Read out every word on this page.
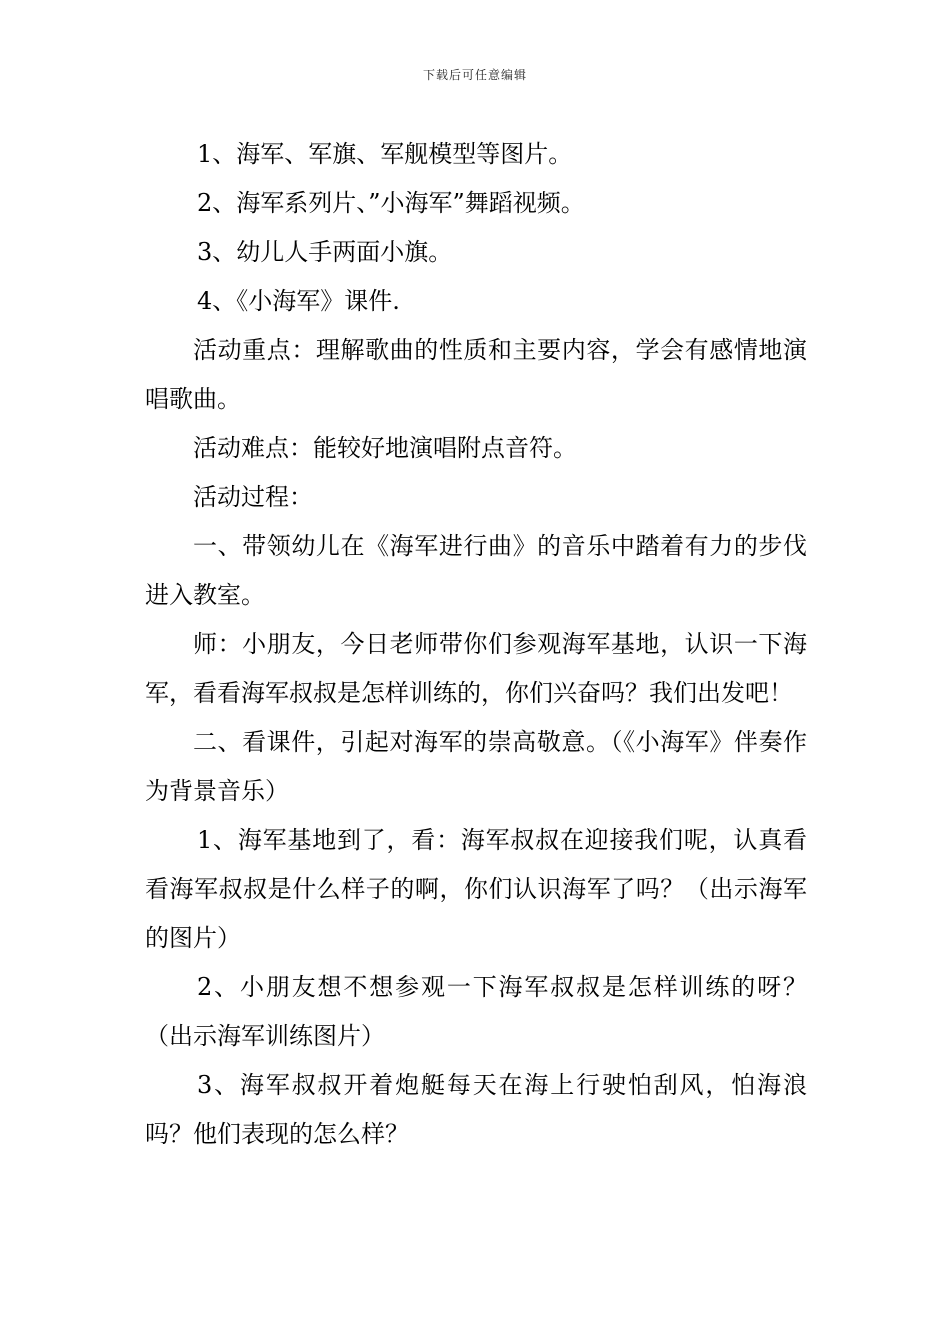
下载后可任意编辑

1、海军、军旗、军舰模型等图片。

2、海军系列片、”小海军”舞蹈视频。

3、幼儿人手两面小旗。

4、《小海军》课件.

活动重点：理解歌曲的性质和主要内容，学会有感情地演唱歌曲。

活动难点：能较好地演唱附点音符。

活动过程：

一、带领幼儿在《海军进行曲》的音乐中踏着有力的步伐进入教室。

师：小朋友，今日老师带你们参观海军基地，认识一下海军，看看海军叔叔是怎样训练的，你们兴奋吗？我们出发吧！

二、看课件，引起对海军的崇高敬意。（《小海军》伴奏作为背景音乐）

1、海军基地到了，看：海军叔叔在迎接我们呢，认真看看海军叔叔是什么样子的啊，你们认识海军了吗？（出示海军的图片）

2、小朋友想不想参观一下海军叔叔是怎样训练的呀？（出示海军训练图片）

3、海军叔叔开着炮艇每天在海上行驶怕刮风，怕海浪吗？他们表现的怎么样？
